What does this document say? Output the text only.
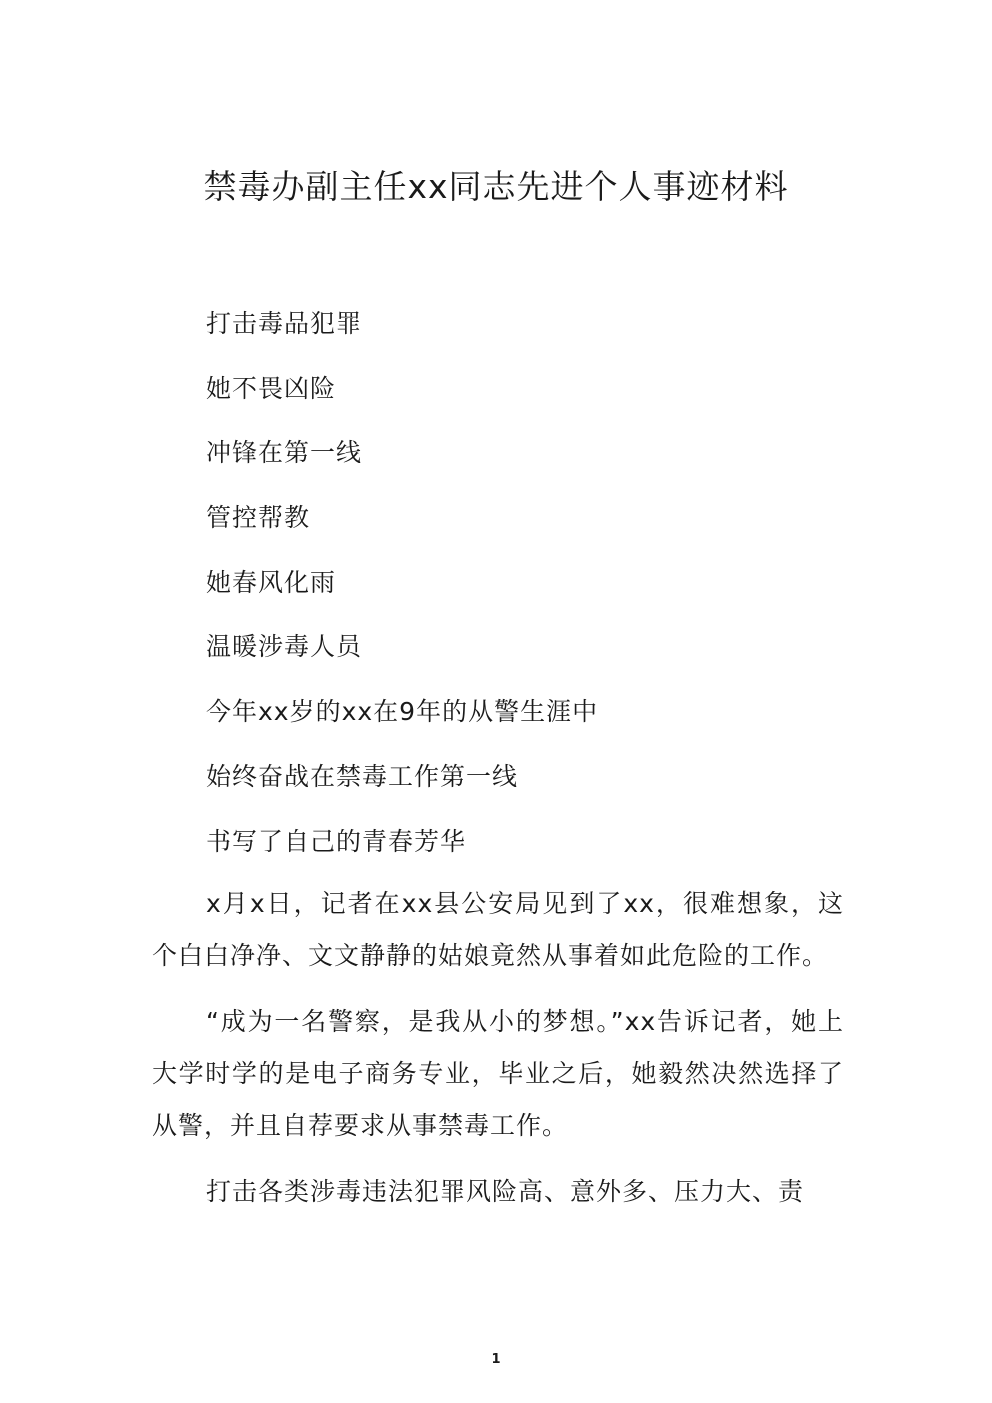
禁毒办副主任xx同志先进个人事迹材料
打击毒品犯罪
她不畏凶险
冲锋在第一线
管控帮教
她春风化雨
温暖涉毒人员
今年xx岁的xx在9年的从警生涯中
始终奋战在禁毒工作第一线
书写了自己的青春芳华

x月x日，记者在xx县公安局见到了xx，很难想象，这个白白净净、文文静静的姑娘竟然从事着如此危险的工作。

“成为一名警察，是我从小的梦想。”xx告诉记者，她上大学时学的是电子商务专业，毕业之后，她毅然决然选择了从警，并且自荐要求从事禁毒工作。

打击各类涉毒违法犯罪风险高、意外多、压力大、责

1
